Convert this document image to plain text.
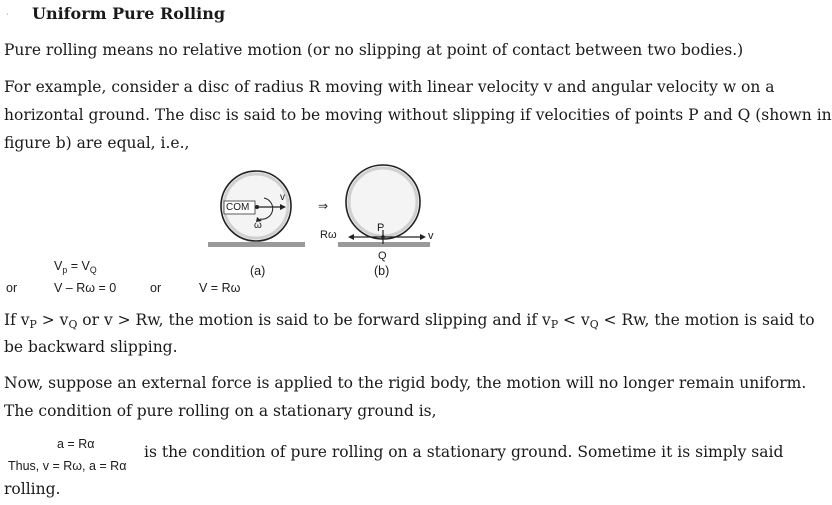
· Uniform Pure Rolling
Pure rolling means no relative motion (or no slipping at point of contact between two bodies.)
For example, consider a disc of radius R moving with linear velocity v and angular velocity w on a
horizontal ground. The disc is said to be moving without slipping if velocities of points P and Q (shown in
figure b) are equal, i.e.,
⇒
COM
v
ω
Rω
P
v
Q
(a)	(b)
$V_p = V_Q$
or	V – Rω = 0	or	V = Rω
If $v_P > v_Q$ or v > Rw, the motion is said to be forward slipping and if $v_P < v_Q < Rw$, the motion is said to
be backward slipping.
Now, suppose an external force is applied to the rigid body, the motion will no longer remain uniform.
The condition of pure rolling on a stationary ground is,
a = Rα
Thus, v = Rω, a = Rα
is the condition of pure rolling on a stationary ground. Sometime it is simply said
rolling.
